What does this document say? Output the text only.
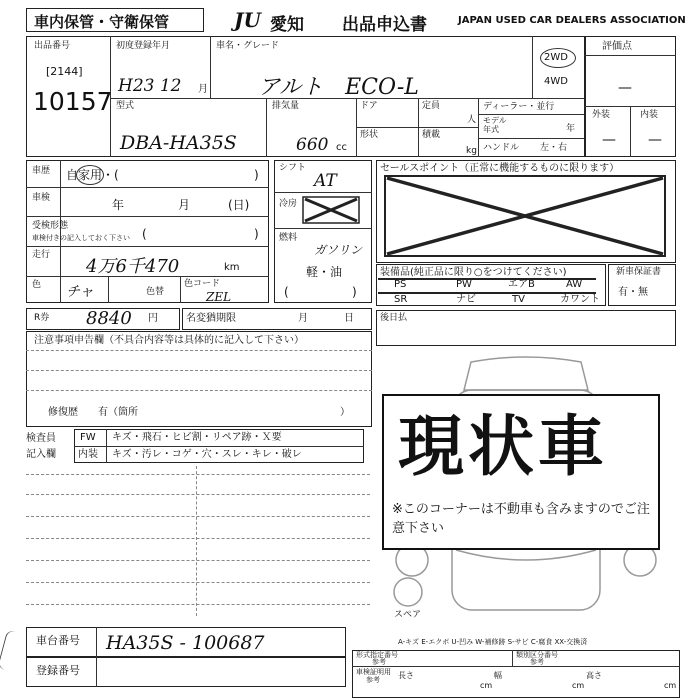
車内保管・守衛保管	JU 愛知 出品申込書	JAPAN USED CAR DEALERS ASSOCIATION
出品番号
[2144]
10157
初度登録年月
H23 12 月
車名・グレード
アルト　ECO-L
2WD
4WD
評価点
—
外装	内装
— —
型式
DBA-HA35S
排気量
660 cc
ドア	定員
人
形状	積載
kg
ディーラー・並行
モデル
年式	年
ハンドル 左・右
車歴 自家用・(	)
車検	年	月	(日)
受検形態
車検付きの記入しておく下さい (	)
走行
4万6千470	km
色 チャ	色替
色コード
ZEL
シフト
AT
冷房
燃料
ガソリン
軽・油
(	)
セールスポイント（正常に機能するものに限ります）
装備品(純正品に限り○をつけてください)
PS	PW	エアB	AW
SR	ナビ	TV	カワント
新車保証書
有・無
R券 8840 円	名変猶期限	月	日
注意事項申告欄（不具合内容等は具体的に記入して下さい）
修復歴　　有（箇所	）
後日払
検査員
記入欄
FW キズ・飛石・ヒビ割・リペア跡・Ｘ要
内装 キズ・汚レ・コゲ・穴・スレ・キレ・破レ
スペア
現状車
※このコーナーは不動車も含みますのでご注意下さい
A-キズ E-エクボ U-凹み W-補修跡 S-サビ C-腐食 XX-交換済
車台番号 HA35S - 100687
登録番号
形式指定番号
参考
類別区分番号
参考
車検証明用
参考 長さ	幅	高さ
cm	cm	cm
